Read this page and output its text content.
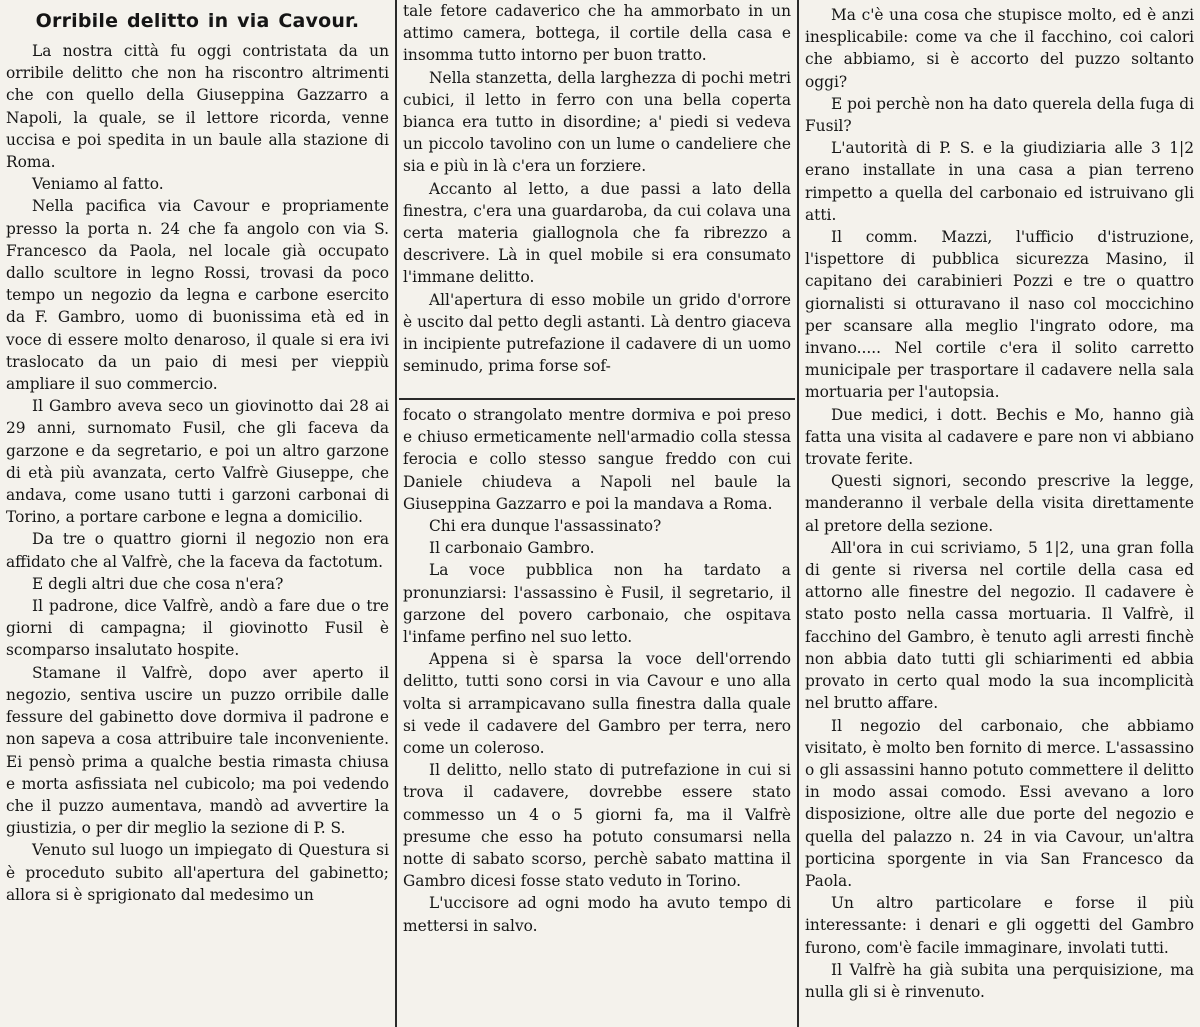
Orribile delitto in via Cavour.

La nostra città fu oggi contristata da un orribile delitto che non ha riscontro altrimenti che con quello della Giuseppina Gazzarro a Napoli, la quale, se il lettore ricorda, venne uccisa e poi spedita in un baule alla stazione di Roma.

Veniamo al fatto.

Nella pacifica via Cavour e propriamente presso la porta n. 24 che fa angolo con via S. Francesco da Paola, nel locale già occupato dallo scultore in legno Rossi, trovasi da poco tempo un negozio da legna e carbone esercito da F. Gambro, uomo di buonissima età ed in voce di essere molto denaroso, il quale si era ivi traslocato da un paio di mesi per vieppiù ampliare il suo commercio.

Il Gambro aveva seco un giovinotto dai 28 ai 29 anni, surnomato Fusil, che gli faceva da garzone e da segretario, e poi un altro garzone di età più avanzata, certo Valfrè Giuseppe, che andava, come usano tutti i garzoni carbonai di Torino, a portare carbone e legna a domicilio.

Da tre o quattro giorni il negozio non era affidato che al Valfrè, che la faceva da factotum.

E degli altri due che cosa n'era?

Il padrone, dice Valfrè, andò a fare due o tre giorni di campagna; il giovinotto Fusil è scomparso insalutato hospite.

Stamane il Valfrè, dopo aver aperto il negozio, sentiva uscire un puzzo orribile dalle fessure del gabinetto dove dormiva il padrone e non sapeva a cosa attribuire tale inconveniente. Ei pensò prima a qualche bestia rimasta chiusa e morta asfissiata nel cubicolo; ma poi vedendo che il puzzo aumentava, mandò ad avvertire la giustizia, o per dir meglio la sezione di P. S.

Venuto sul luogo un impiegato di Questura si è proceduto subito all'apertura del gabinetto; allora si è sprigionato dal medesimo un

tale fetore cadaverico che ha ammorbato in un attimo camera, bottega, il cortile della casa e insomma tutto intorno per buon tratto.

Nella stanzetta, della larghezza di pochi metri cubici, il letto in ferro con una bella coperta bianca era tutto in disordine; a' piedi si vedeva un piccolo tavolino con un lume o candeliere che sia e più in là c'era un forziere.

Accanto al letto, a due passi a lato della finestra, c'era una guardaroba, da cui colava una certa materia giallognola che fa ribrezzo a descrivere. Là in quel mobile si era consumato l'immane delitto.

All'apertura di esso mobile un grido d'orrore è uscito dal petto degli astanti. Là dentro giaceva in incipiente putrefazione il cadavere di un uomo seminudo, prima forse sof-

focato o strangolato mentre dormiva e poi preso e chiuso ermeticamente nell'armadio colla stessa ferocia e collo stesso sangue freddo con cui Daniele chiudeva a Napoli nel baule la Giuseppina Gazzarro e poi la mandava a Roma.

Chi era dunque l'assassinato?

Il carbonaio Gambro.

La voce pubblica non ha tardato a pronunziarsi: l'assassino è Fusil, il segretario, il garzone del povero carbonaio, che ospitava l'infame perfino nel suo letto.

Appena si è sparsa la voce dell'orrendo delitto, tutti sono corsi in via Cavour e uno alla volta si arrampicavano sulla finestra dalla quale si vede il cadavere del Gambro per terra, nero come un coleroso.

Il delitto, nello stato di putrefazione in cui si trova il cadavere, dovrebbe essere stato commesso un 4 o 5 giorni fa, ma il Valfrè presume che esso ha potuto consumarsi nella notte di sabato scorso, perchè sabato mattina il Gambro dicesi fosse stato veduto in Torino.

L'uccisore ad ogni modo ha avuto tempo di mettersi in salvo.

Ma c'è una cosa che stupisce molto, ed è anzi inesplicabile: come va che il facchino, coi calori che abbiamo, si è accorto del puzzo soltanto oggi?

E poi perchè non ha dato querela della fuga di Fusil?

L'autorità di P. S. e la giudiziaria alle 3 1|2 erano installate in una casa a pian terreno rimpetto a quella del carbonaio ed istruivano gli atti.

Il comm. Mazzi, l'ufficio d'istruzione, l'ispettore di pubblica sicurezza Masino, il capitano dei carabinieri Pozzi e tre o quattro giornalisti si otturavano il naso col moccichino per scansare alla meglio l'ingrato odore, ma invano..... Nel cortile c'era il solito carretto municipale per trasportare il cadavere nella sala mortuaria per l'autopsia.

Due medici, i dott. Bechis e Mo, hanno già fatta una visita al cadavere e pare non vi abbiano trovate ferite.

Questi signori, secondo prescrive la legge, manderanno il verbale della visita direttamente al pretore della sezione.

All'ora in cui scriviamo, 5 1|2, una gran folla di gente si riversa nel cortile della casa ed attorno alle finestre del negozio. Il cadavere è stato posto nella cassa mortuaria. Il Valfrè, il facchino del Gambro, è tenuto agli arresti finchè non abbia dato tutti gli schiarimenti ed abbia provato in certo qual modo la sua incomplicità nel brutto affare.

Il negozio del carbonaio, che abbiamo visitato, è molto ben fornito di merce. L'assassino o gli assassini hanno potuto commettere il delitto in modo assai comodo. Essi avevano a loro disposizione, oltre alle due porte del negozio e quella del palazzo n. 24 in via Cavour, un'altra porticina sporgente in via San Francesco da Paola.

Un altro particolare e forse il più interessante: i denari e gli oggetti del Gambro furono, com'è facile immaginare, involati tutti.

Il Valfrè ha già subita una perquisizione, ma nulla gli si è rinvenuto.
